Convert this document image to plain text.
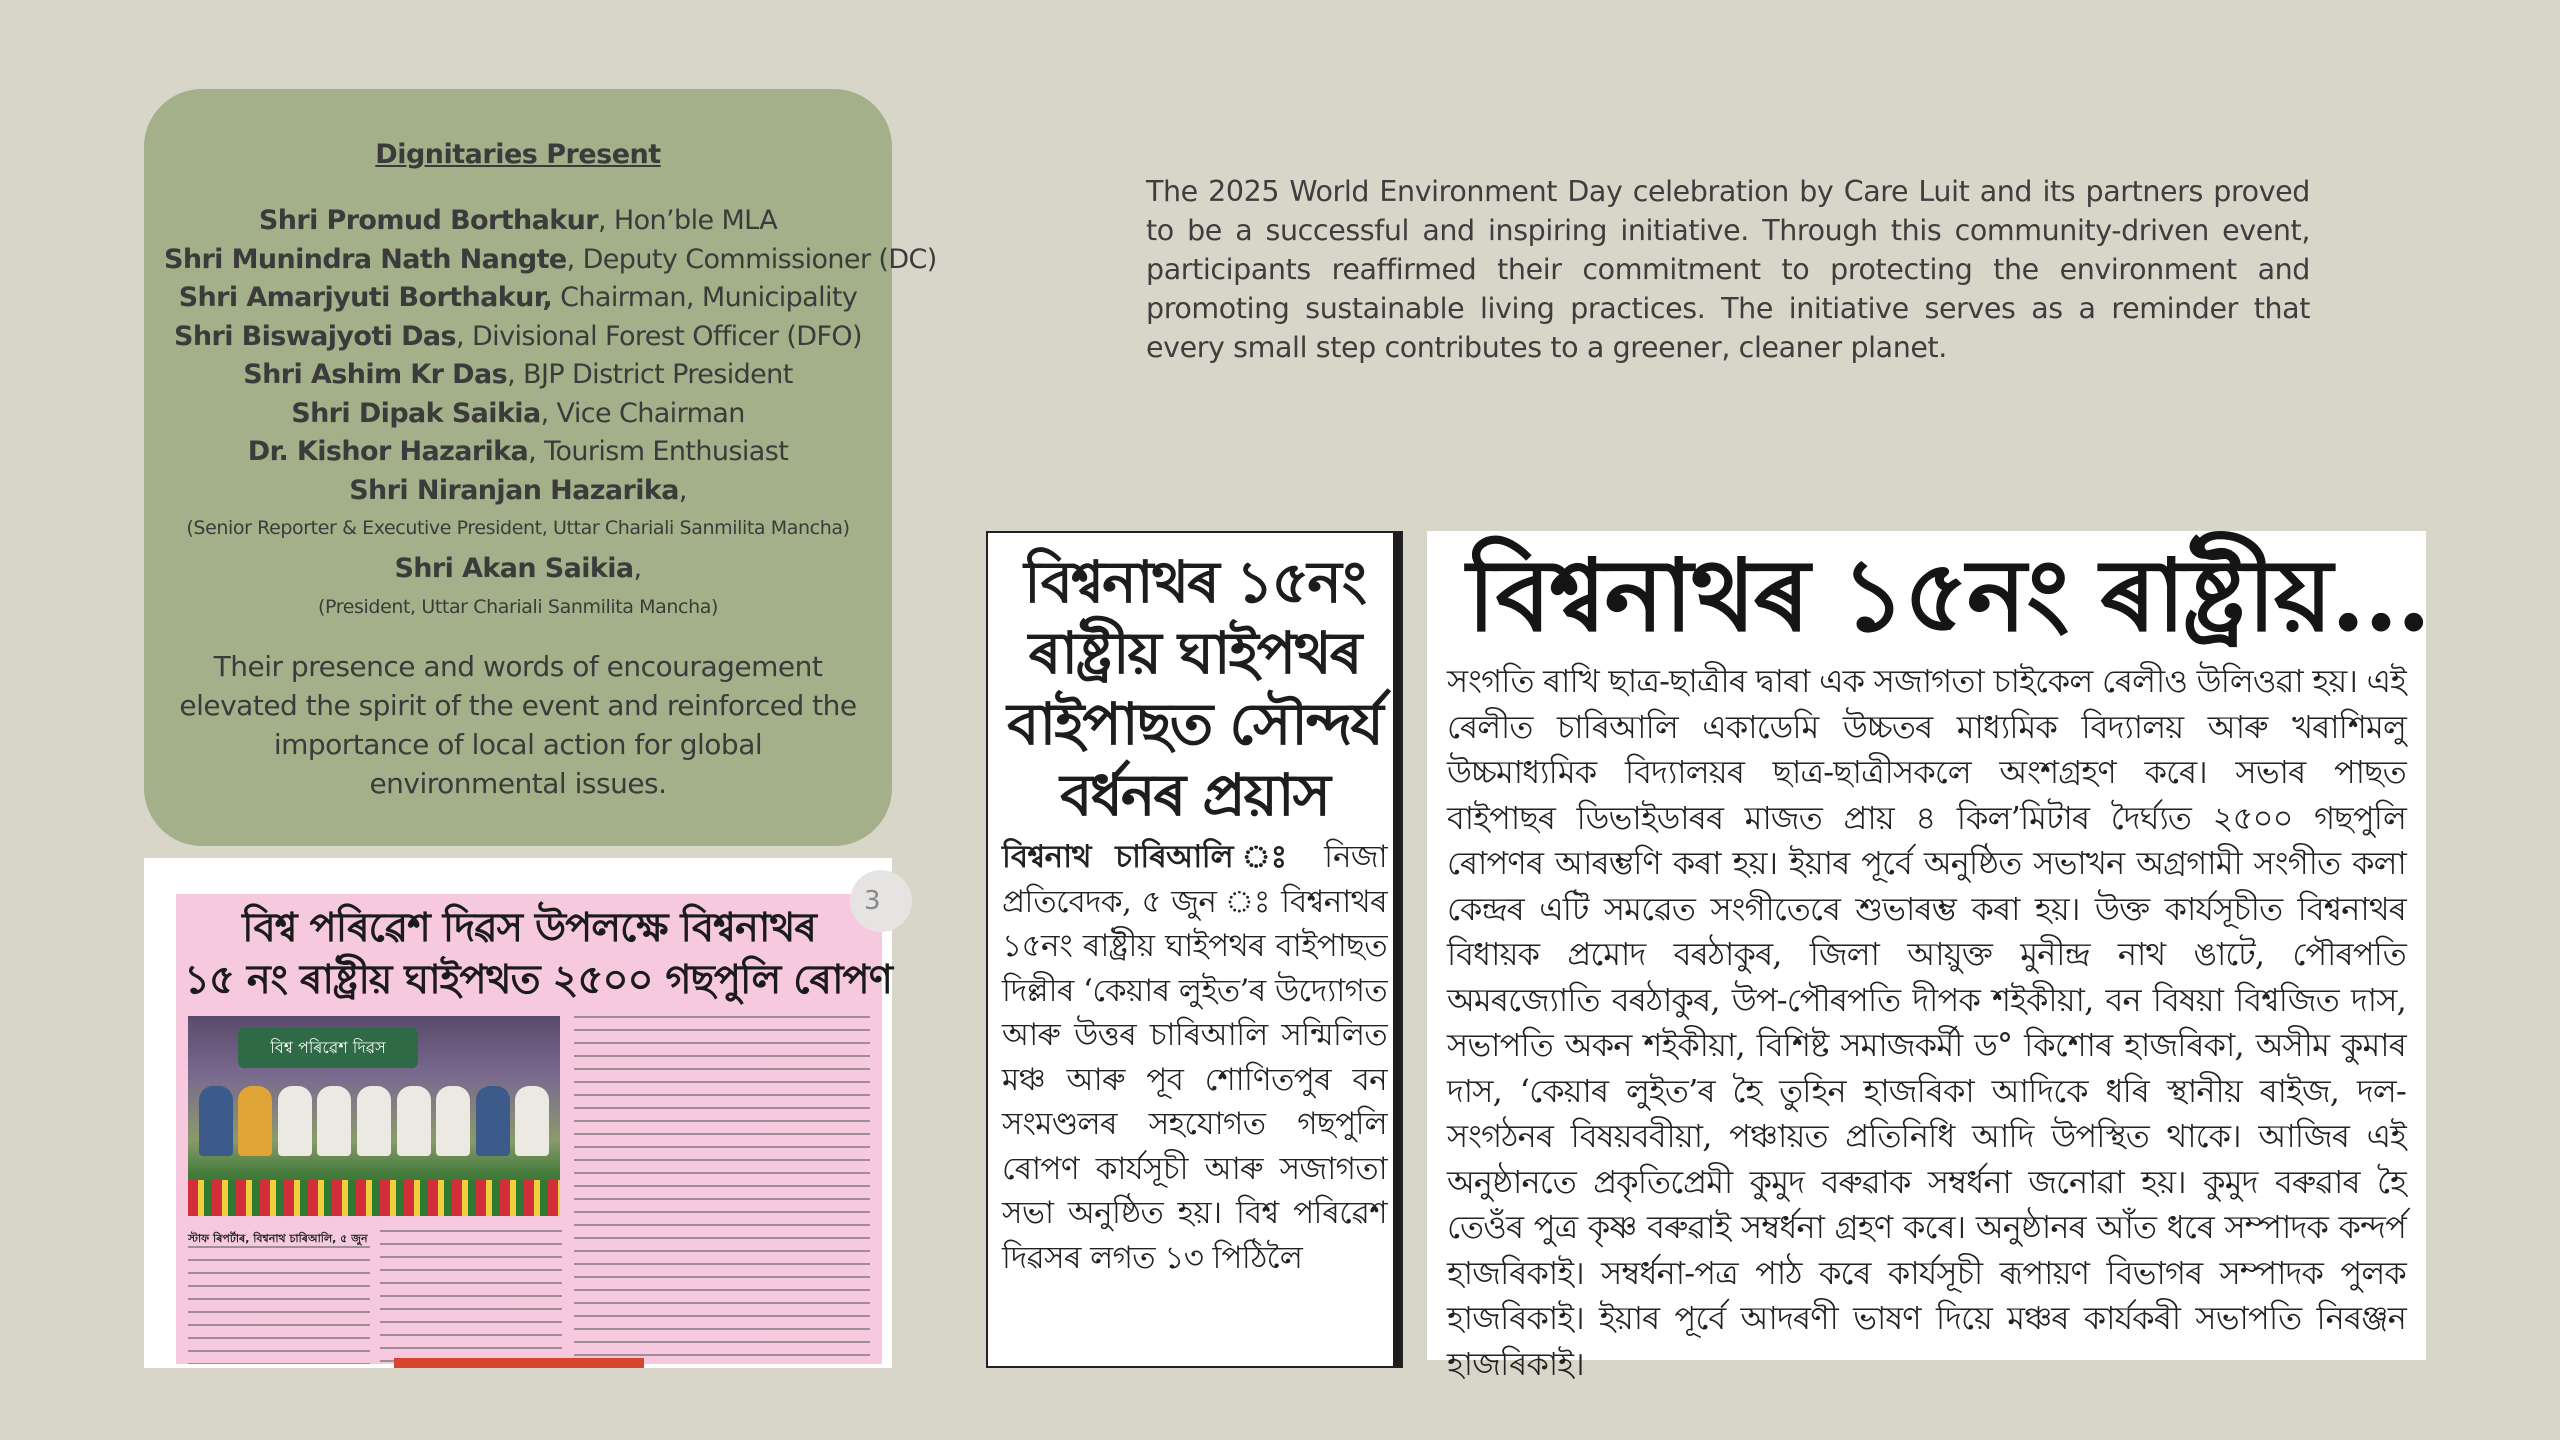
Dignitaries Present
Shri Promud Borthakur, Hon’ble MLA
Shri Munindra Nath Nangte, Deputy Commissioner (DC)
Shri Amarjyuti Borthakur, Chairman, Municipality
Shri Biswajyoti Das, Divisional Forest Officer (DFO)
Shri Ashim Kr Das, BJP District President
Shri Dipak Saikia, Vice Chairman
Dr. Kishor Hazarika, Tourism Enthusiast
Shri Niranjan Hazarika,
(Senior Reporter & Executive President, Uttar Chariali Sanmilita Mancha)
Shri Akan Saikia,
(President, Uttar Chariali Sanmilita Mancha)
Their presence and words of encouragement elevated the spirit of the event and reinforced the importance of local action for global environmental issues.
The 2025 World Environment Day celebration by Care Luit and its partners proved to be a successful and inspiring initiative. Through this community-driven event, participants reaffirmed their commitment to protecting the environment and promoting sustainable living practices. The initiative serves as a reminder that every small step contributes to a greener, cleaner planet.
বিশ্ব পৰিৱেশ দিৱস উপলক্ষে বিশ্বনাথৰ
১৫ নং ৰাষ্ট্ৰীয় ঘাইপথত ২৫০০ গছপুলি ৰোপণ
বিশ্ব পৰিৱেশ দিৱস
স্টাফ ৰিপৰ্টাৰ, বিশ্বনাথ চাৰিআলি, ৫ জুন
3
বিশ্বনাথৰ ১৫নং ৰাষ্ট্ৰীয় ঘাইপথৰ বাইপাছত সৌন্দৰ্য বৰ্ধনৰ প্ৰয়াস
বিশ্বনাথ চাৰিআলি ঃ নিজা প্ৰতিবেদক, ৫ জুন ঃ বিশ্বনাথৰ ১৫নং ৰাষ্ট্ৰীয় ঘাইপথৰ বাইপাছত দিল্লীৰ ‘কেয়াৰ লুইত’ৰ উদ্যোগত আৰু উত্তৰ চাৰিআলি সন্মিলিত মঞ্চ আৰু পূব শোণিতপুৰ বন সংমণ্ডলৰ সহযোগত গছপুলি ৰোপণ কাৰ্যসূচী আৰু সজাগতা সভা অনুষ্ঠিত হয়। বিশ্ব পৰিৱেশ দিৱসৰ লগত ১৩ পিঠিলৈ
বিশ্বনাথৰ ১৫নং ৰাষ্ট্ৰীয়...
সংগতি ৰাখি ছাত্ৰ-ছাত্ৰীৰ দ্বাৰা এক সজাগতা চাইকেল ৰেলীও উলিওৱা হয়। এই ৰেলীত চাৰিআলি একাডেমি উচ্চতৰ মাধ্যমিক বিদ্যালয় আৰু খৰাশিমলু উচ্চমাধ্যমিক বিদ্যালয়ৰ ছাত্ৰ-ছাত্ৰীসকলে অংশগ্ৰহণ কৰে। সভাৰ পাছত বাইপাছৰ ডিভাইডাৰৰ মাজত প্ৰায় ৪ কিল’মিটাৰ দৈৰ্ঘ্যত ২৫০০ গছপুলি ৰোপণৰ আৰম্ভণি কৰা হয়। ইয়াৰ পূৰ্বে অনুষ্ঠিত সভাখন অগ্ৰগামী সংগীত কলা কেন্দ্ৰৰ এটি সমৱেত সংগীতেৰে শুভাৰম্ভ কৰা হয়। উক্ত কাৰ্যসূচীত বিশ্বনাথৰ বিধায়ক প্ৰমোদ বৰঠাকুৰ, জিলা আয়ুক্ত মুনীন্দ্ৰ নাথ ঙাটে, পৌৰপতি অমৰজ্যোতি বৰঠাকুৰ, উপ-পৌৰপতি দীপক শইকীয়া, বন বিষয়া বিশ্বজিত দাস, সভাপতি অকন শইকীয়া, বিশিষ্ট সমাজকৰ্মী ড° কিশোৰ হাজৰিকা, অসীম কুমাৰ দাস, ‘কেয়াৰ লুইত’ৰ হৈ তুহিন হাজৰিকা আদিকে ধৰি স্থানীয় ৰাইজ, দল-সংগঠনৰ বিষয়ববীয়া, পঞ্চায়ত প্ৰতিনিধি আদি উপস্থিত থাকে। আজিৰ এই অনুষ্ঠানতে প্ৰকৃতিপ্ৰেমী কুমুদ বৰুৱাক সম্বৰ্ধনা জনোৱা হয়। কুমুদ বৰুৱাৰ হৈ তেওঁৰ পুত্ৰ কৃষ্ণ বৰুৱাই সম্বৰ্ধনা গ্ৰহণ কৰে। অনুষ্ঠানৰ আঁত ধৰে সম্পাদক কন্দৰ্প হাজৰিকাই। সম্বৰ্ধনা-পত্ৰ পাঠ কৰে কাৰ্যসূচী ৰূপায়ণ বিভাগৰ সম্পাদক পুলক হাজৰিকাই। ইয়াৰ পূৰ্বে আদৰণী ভাষণ দিয়ে মঞ্চৰ কাৰ্যকৰী সভাপতি নিৰঞ্জন হাজৰিকাই।
